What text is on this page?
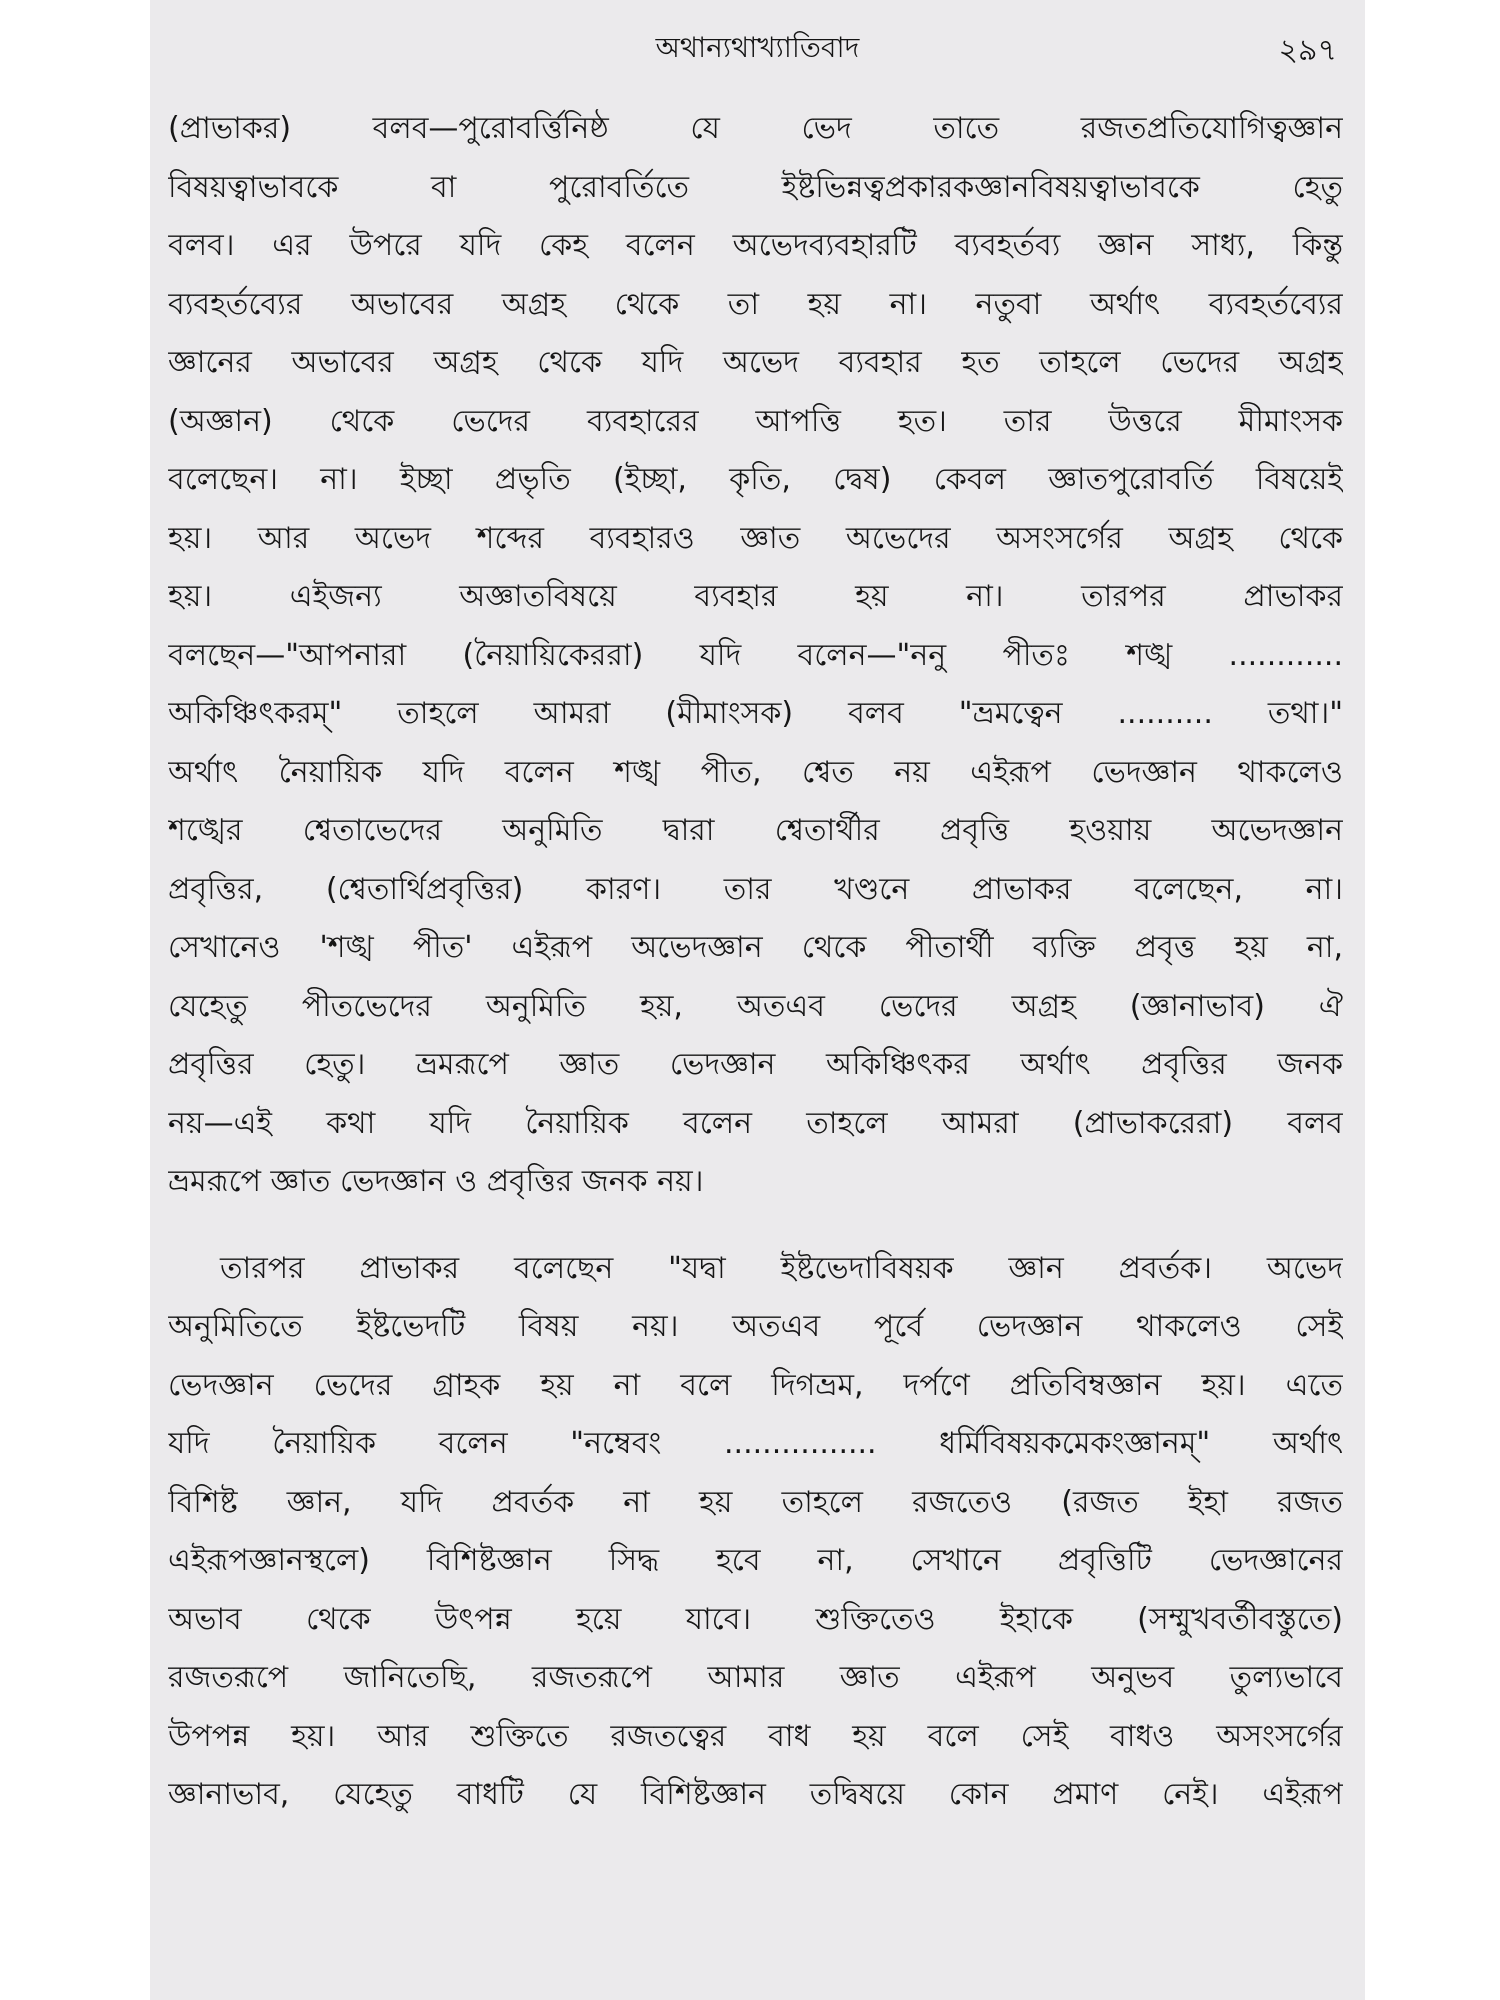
অথান্যথাখ্যাতিবাদ	২৯৭
(প্রাভাকর) বলব—পুরোবর্ত্তিনিষ্ঠ যে ভেদ তাতে রজতপ্রতিযোগিত্বজ্ঞান
বিষয়ত্বাভাবকে বা পুরোবর্তিতে ইষ্টভিন্নত্বপ্রকারকজ্ঞানবিষয়ত্বাভাবকে হেতু
বলব। এর উপরে যদি কেহ বলেন অভেদব্যবহারটি ব্যবহর্তব্য জ্ঞান সাধ্য, কিন্তু
ব্যবহর্তব্যের অভাবের অগ্রহ থেকে তা হয় না। নতুবা অর্থাৎ ব্যবহর্তব্যের
জ্ঞানের অভাবের অগ্রহ থেকে যদি অভেদ ব্যবহার হত তাহলে ভেদের অগ্রহ
(অজ্ঞান) থেকে ভেদের ব্যবহারের আপত্তি হত। তার উত্তরে মীমাংসক
বলেছেন। না। ইচ্ছা প্রভৃতি (ইচ্ছা, কৃতি, দ্বেষ) কেবল জ্ঞাতপুরোবর্তি বিষয়েই
হয়। আর অভেদ শব্দের ব্যবহারও জ্ঞাত অভেদের অসংসর্গের অগ্রহ থেকে
হয়। এইজন্য অজ্ঞাতবিষয়ে ব্যবহার হয় না। তারপর প্রাভাকর
বলছেন—"আপনারা (নৈয়ায়িকেররা) যদি বলেন—"ননু পীতঃ শঙ্খ ............
অকিঞ্চিৎকরম্" তাহলে আমরা (মীমাংসক) বলব "ভ্রমত্বেন .......... তথা।"
অর্থাৎ নৈয়ায়িক যদি বলেন শঙ্খ পীত, শ্বেত নয় এইরূপ ভেদজ্ঞান থাকলেও
শঙ্খের শ্বেতাভেদের অনুমিতি দ্বারা শ্বেতার্থীর প্রবৃত্তি হওয়ায় অভেদজ্ঞান
প্রবৃত্তির, (শ্বেতার্থিপ্রবৃত্তির) কারণ। তার খণ্ডনে প্রাভাকর বলেছেন, না।
সেখানেও 'শঙ্খ পীত' এইরূপ অভেদজ্ঞান থেকে পীতার্থী ব্যক্তি প্রবৃত্ত হয় না,
যেহেতু পীতভেদের অনুমিতি হয়, অতএব ভেদের অগ্রহ (জ্ঞানাভাব) ঐ
প্রবৃত্তির হেতু। ভ্রমরূপে জ্ঞাত ভেদজ্ঞান অকিঞ্চিৎকর অর্থাৎ প্রবৃত্তির জনক
নয়—এই কথা যদি নৈয়ায়িক বলেন তাহলে আমরা (প্রাভাকরেরা) বলব
ভ্রমরূপে জ্ঞাত ভেদজ্ঞান ও প্রবৃত্তির জনক নয়।
তারপর প্রাভাকর বলেছেন "যদ্বা ইষ্টভেদাবিষয়ক জ্ঞান প্রবর্তক। অভেদ
অনুমিতিতে ইষ্টভেদটি বিষয় নয়। অতএব পূর্বে ভেদজ্ঞান থাকলেও সেই
ভেদজ্ঞান ভেদের গ্রাহক হয় না বলে দিগভ্রম, দর্পণে প্রতিবিম্বজ্ঞান হয়। এতে
যদি নৈয়ায়িক বলেন "নম্বেবং ................ ধর্মিবিষয়কমেকংজ্ঞানম্" অর্থাৎ
বিশিষ্ট জ্ঞান, যদি প্রবর্তক না হয় তাহলে রজতেও (রজত ইহা রজত
এইরূপজ্ঞানস্থলে) বিশিষ্টজ্ঞান সিদ্ধ হবে না, সেখানে প্রবৃত্তিটি ভেদজ্ঞানের
অভাব থেকে উৎপন্ন হয়ে যাবে। শুক্তিতেও ইহাকে (সম্মুখবর্তীবস্তুতে)
রজতরূপে জানিতেছি, রজতরূপে আমার জ্ঞাত এইরূপ অনুভব তুল্যভাবে
উপপন্ন হয়। আর শুক্তিতে রজতত্বের বাধ হয় বলে সেই বাধও অসংসর্গের
জ্ঞানাভাব, যেহেতু বাধটি যে বিশিষ্টজ্ঞান তদ্বিষয়ে কোন প্রমাণ নেই। এইরূপ
